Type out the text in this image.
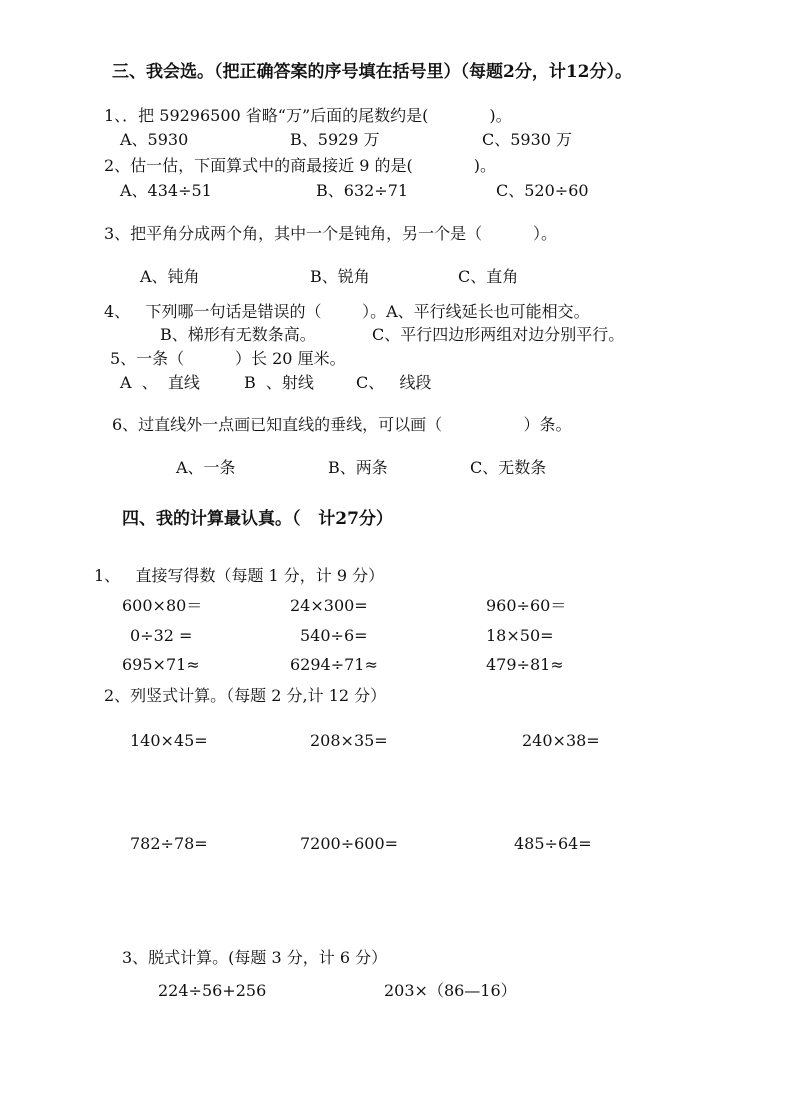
三、我会选。（把正确答案的序号填在括号里）（每题2分，计12分）。
1、．把 59296500 省略“万”后面的尾数约是(            )。
A、5930	B、5929 万	C、5930 万
2、估一估，下面算式中的商最接近 9 的是(            )。
A、434÷51	B、632÷71	C、520÷60
3、把平角分成两个角，其中一个是钝角，另一个是（          ）。
A、钝角	B、锐角	C、直角
4、   下列哪一句话是错误的（        ）。A、平行线延长也可能相交。
B、梯形有无数条高。	C、平行四边形两组对边分别平行。
5、一条（          ）长 20 厘米。
A  、  直线	B  、射线	C、   线段
6、过直线外一点画已知直线的垂线，可以画（                ）条。
A、一条	B、两条	C、无数条
四、我的计算最认真。（   计27分）
1、   直接写得数（每题 1 分，计 9 分）
600×80＝	24×300=	960÷60＝
0÷32 =	540÷6=	18×50=
695×71≈	6294÷71≈	479÷81≈
2、列竖式计算。（每题 2 分,计 12 分）
140×45=	208×35=	240×38=
782÷78=	7200÷600=	485÷64=
3、脱式计算。(每题 3 分，计 6 分）
224÷56+256	203×（86—16）
